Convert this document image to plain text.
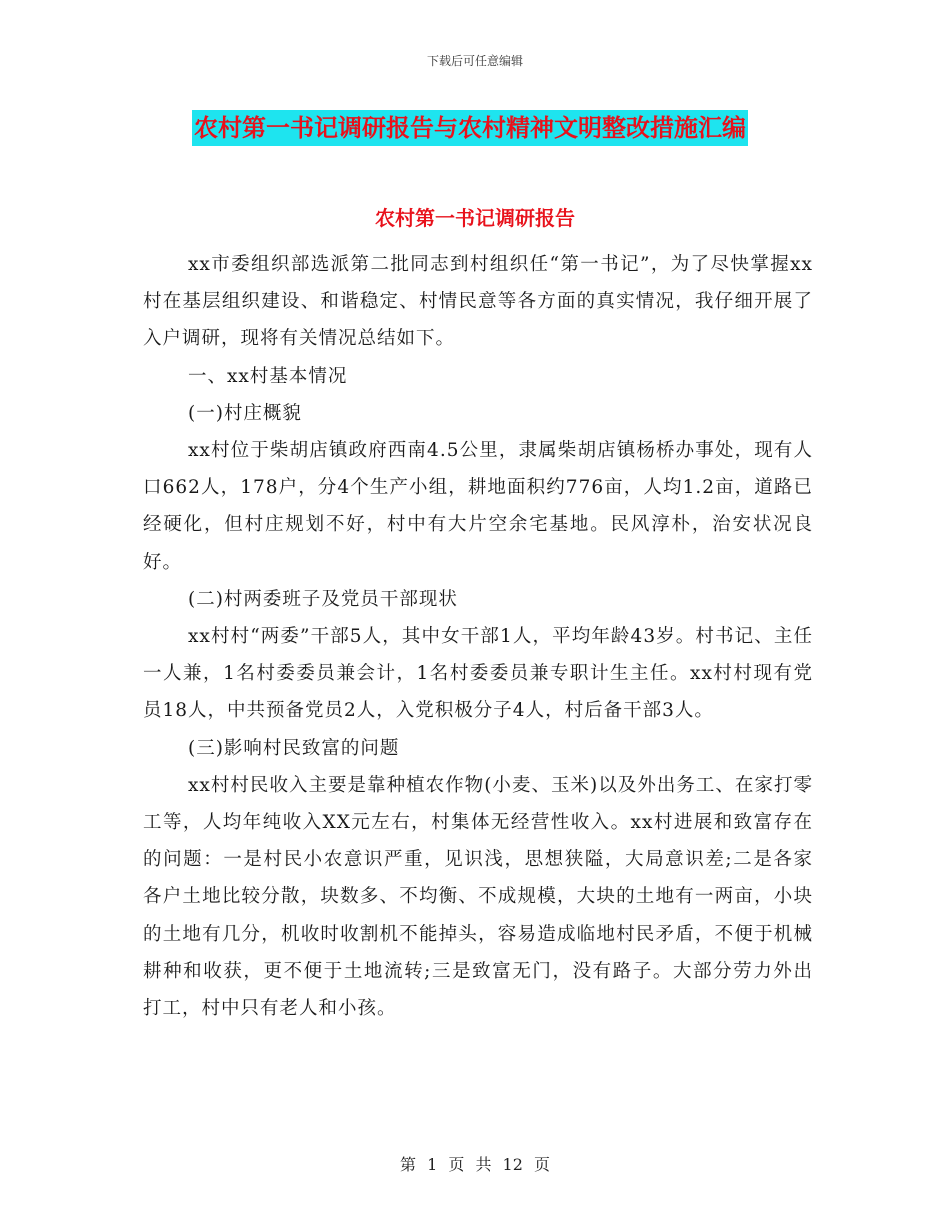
下载后可任意编辑
农村第一书记调研报告与农村精神文明整改措施汇编
农村第一书记调研报告

xx市委组织部选派第二批同志到村组织任“第一书记”，为了尽快掌握xx村在基层组织建设、和谐稳定、村情民意等各方面的真实情况，我仔细开展了入户调研，现将有关情况总结如下。

一、xx村基本情况

(一)村庄概貌

xx村位于柴胡店镇政府西南4.5公里，隶属柴胡店镇杨桥办事处，现有人口662人，178户，分4个生产小组，耕地面积约776亩，人均1.2亩，道路已经硬化，但村庄规划不好，村中有大片空余宅基地。民风淳朴，治安状况良好。

(二)村两委班子及党员干部现状

xx村村“两委”干部5人，其中女干部1人，平均年龄43岁。村书记、主任一人兼，1名村委委员兼会计，1名村委委员兼专职计生主任。xx村村现有党员18人，中共预备党员2人，入党积极分子4人，村后备干部3人。

(三)影响村民致富的问题

xx村村民收入主要是靠种植农作物(小麦、玉米)以及外出务工、在家打零工等，人均年纯收入XX元左右，村集体无经营性收入。xx村进展和致富存在的问题：一是村民小农意识严重，见识浅，思想狭隘，大局意识差;二是各家各户土地比较分散，块数多、不均衡、不成规模，大块的土地有一两亩，小块的土地有几分，机收时收割机不能掉头，容易造成临地村民矛盾，不便于机械耕种和收获，更不便于土地流转;三是致富无门，没有路子。大部分劳力外出打工，村中只有老人和小孩。

第 1 页 共 12 页
